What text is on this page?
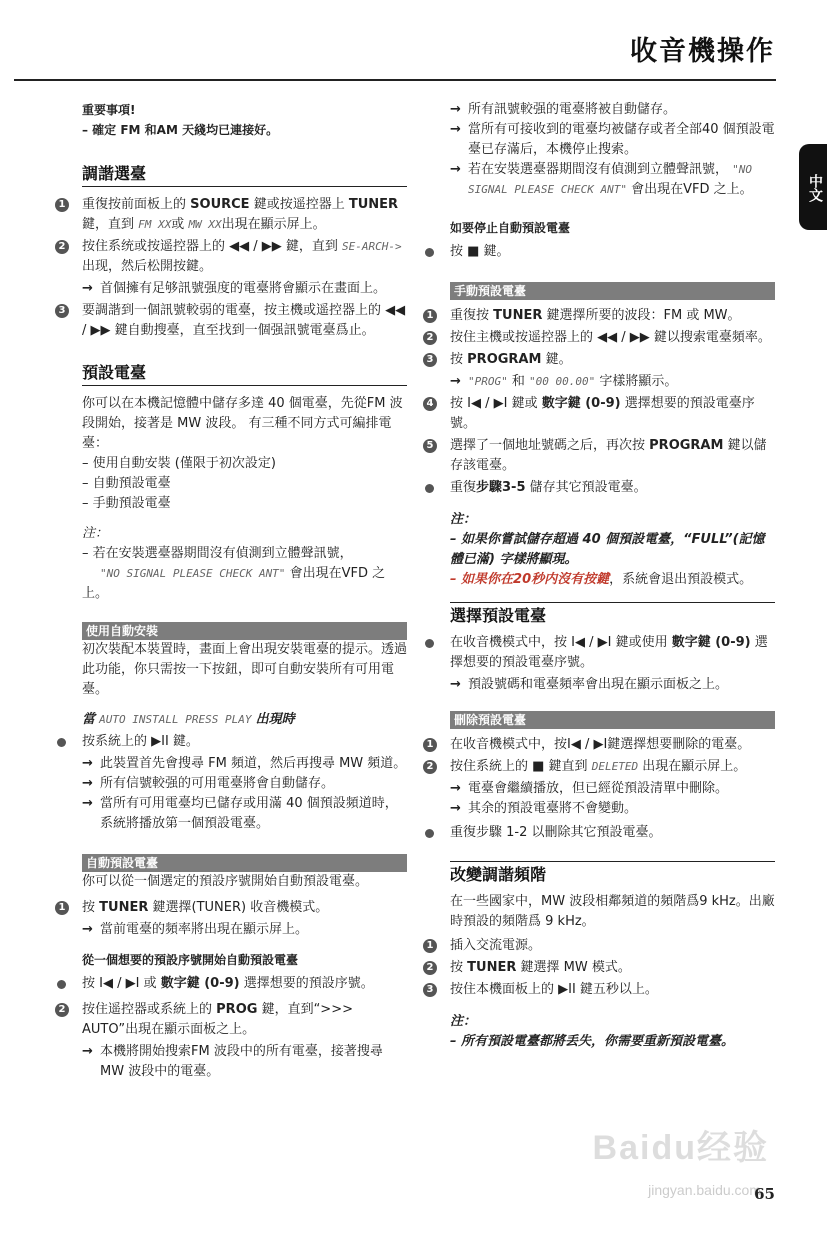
收音機操作
中文
重要事項!
– 確定 FM 和AM 天綫均已連接好。
調諧選臺
1 重復按前面板上的 SOURCE 鍵或按遥控器上 TUNER 鍵，直到 FM XX或 MW XX出現在顯示屏上。
2 按住系统或按遥控器上的 ◀◀ / ▶▶ 鍵，直到 SE-ARCH-> 出现，然后松開按鍵。
→ 首個擁有足够訊號强度的電臺將會顯示在畫面上。
3 要調諧到一個訊號較弱的電臺，按主機或遥控器上的 ◀◀ / ▶▶ 鍵自動搜臺，直至找到一個强訊號電臺爲止。
預設電臺

你可以在本機記憶體中儲存多達 40 個電臺，先從FM 波段開始，接著是 MW 波段。 有三種不同方式可編排電臺：

– 使用自動安裝 (僅限于初次設定)
– 自動預設電臺
– 手動預設電臺
注：
– 若在安裝選臺器期間沒有偵測到立體聲訊號，
"NO SIGNAL PLEASE CHECK ANT" 會出現在VFD 之上。
使用自動安裝

初次裝配本裝置時，畫面上會出現安裝電臺的提示。透過此功能，你只需按一下按鈕，即可自動安裝所有可用電臺。

當 AUTO INSTALL PRESS PLAY 出現時
按系統上的 ▶II 鍵。
→ 此裝置首先會搜尋 FM 頻道，然后再搜尋 MW 頻道。
→ 所有信號較强的可用電臺將會自動儲存。
→ 當所有可用電臺均已儲存或用滿 40 個預設頻道時，系統將播放第一個預設電臺。
自動預設電臺

你可以從一個選定的預設序號開始自動預設電臺。

1 按 TUNER 鍵選擇(TUNER) 收音機模式。
→ 當前電臺的頻率將出現在顯示屏上。
從一個想要的預設序號開始自動預設電臺
按 I◀ / ▶I 或 數字鍵 (0-9) 選擇想要的預設序號。
2 按住遥控器或系統上的 PROG 鍵，直到“>>> AUTO”出現在顯示面板之上。
→ 本機將開始搜索FM 波段中的所有電臺，接著搜尋 MW 波段中的電臺。
→ 所有訊號較强的電臺將被自動儲存。
→ 當所有可接收到的電臺均被儲存或者全部40 個預設電臺已存滿后，本機停止搜索。
→ 若在安裝選臺器期間沒有偵測到立體聲訊號， "NO SIGNAL PLEASE CHECK ANT" 會出現在VFD 之上。
如要停止自動預設電臺
按 ■ 鍵。
手動預設電臺
1 重復按 TUNER 鍵選擇所要的波段：FM 或 MW。
2 按住主機或按遥控器上的 ◀◀ / ▶▶ 鍵以搜索電臺頻率。
3 按 PROGRAM 鍵。
→ "PROG" 和 "00 00.00" 字樣將顯示。
4 按 I◀ / ▶I 鍵或 數字鍵 (0-9) 選擇想要的預設電臺序號。
5 選擇了一個地址號碼之后，再次按 PROGRAM 鍵以儲存該電臺。
重復步驟3-5 儲存其它預設電臺。
注：
– 如果你嘗試儲存超過 40 個預設電臺，“FULL”(記憶體已滿) 字樣將顯現。
– 如果你在20秒内沒有按鍵，系統會退出預設模式。
選擇預設電臺
在收音機模式中，按 I◀ / ▶I 鍵或使用 數字鍵 (0-9) 選擇想要的預設電臺序號。
→ 預設號碼和電臺頻率會出現在顯示面板之上。
刪除預設電臺
1 在收音機模式中，按I◀ / ▶I鍵選擇想要刪除的電臺。
2 按住系統上的 ■ 鍵直到 DELETED 出現在顯示屏上。
→ 電臺會繼續播放，但已經從預設清單中刪除。
→ 其余的預設電臺將不會變動。
重復步驟 1-2 以刪除其它預設電臺。
改變調諧頻階

在一些國家中，MW 波段相鄰頻道的頻階爲9 kHz。出廠時預設的頻階爲 9 kHz。

1 插入交流電源。
2 按 TUNER 鍵選擇 MW 模式。
3 按住本機面板上的 ▶II 鍵五秒以上。
注：
– 所有預設電臺都將丢失，你需要重新預設電臺。
Baidu经验
jingyan.baidu.com
65
